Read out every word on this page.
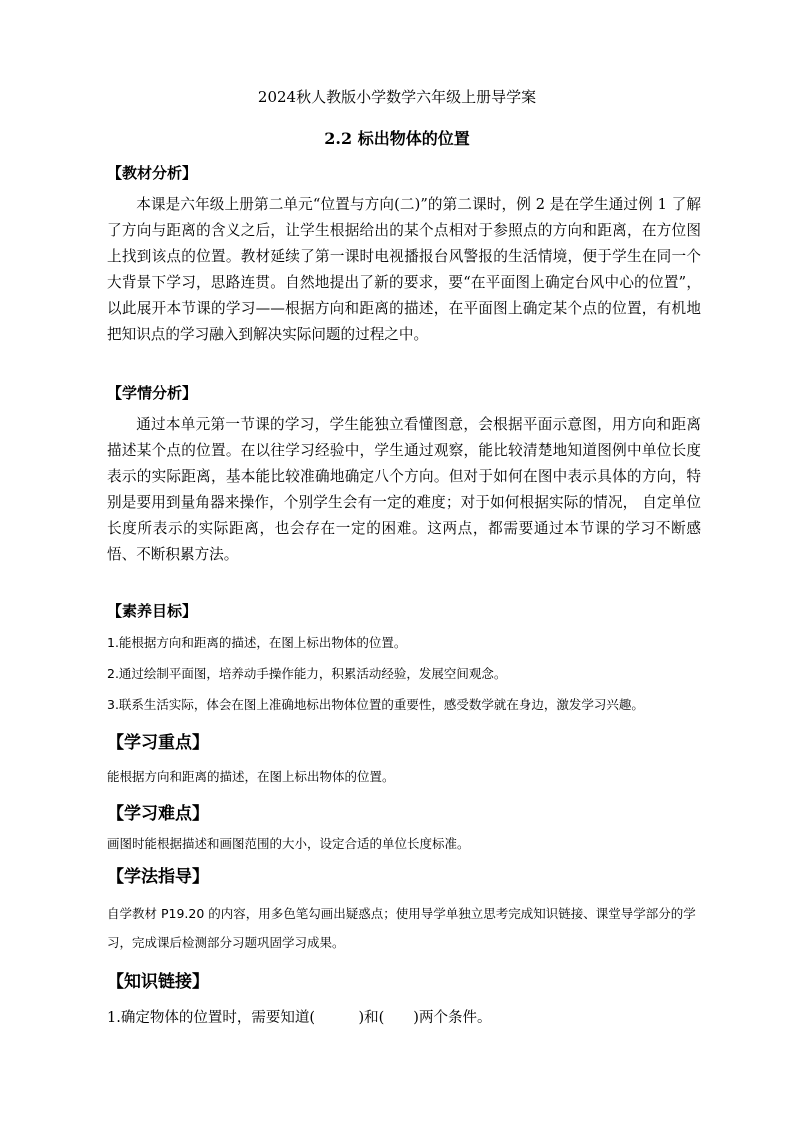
2024秋人教版小学数学六年级上册导学案
2.2 标出物体的位置
【教材分析】

本课是六年级上册第二单元“位置与方向(二)”的第二课时，例 2 是在学生通过例 1 了解了方向与距离的含义之后，让学生根据给出的某个点相对于参照点的方向和距离，在方位图上找到该点的位置。教材延续了第一课时电视播报台风警报的生活情境，便于学生在同一个大背景下学习，思路连贯。自然地提出了新的要求，要“在平面图上确定台风中心的位置”，以此展开本节课的学习——根据方向和距离的描述，在平面图上确定某个点的位置，有机地把知识点的学习融入到解决实际问题的过程之中。

【学情分析】

通过本单元第一节课的学习，学生能独立看懂图意，会根据平面示意图，用方向和距离 描述某个点的位置。在以往学习经验中，学生通过观察，能比较清楚地知道图例中单位长度表示的实际距离，基本能比较准确地确定八个方向。但对于如何在图中表示具体的方向，特别是要用到量角器来操作，个别学生会有一定的难度；对于如何根据实际的情况， 自定单位长度所表示的实际距离，也会存在一定的困难。这两点，都需要通过本节课的学习不断感悟、不断积累方法。

【素养目标】
1.能根据方向和距离的描述，在图上标出物体的位置。
2.通过绘制平面图，培养动手操作能力，积累活动经验，发展空间观念。
3.联系生活实际，体会在图上准确地标出物体位置的重要性，感受数学就在身边，激发学习兴趣。
【学习重点】
能根据方向和距离的描述，在图上标出物体的位置。
【学习难点】
画图时能根据描述和画图范围的大小，设定合适的单位长度标准。
【学法指导】

自学教材 P19.20 的内容，用多色笔勾画出疑惑点；使用导学单独立思考完成知识链接、课堂导学部分的学习，完成课后检测部分习题巩固学习成果。

【知识链接】
1.确定物体的位置时，需要知道(　　　)和(　　)两个条件。
